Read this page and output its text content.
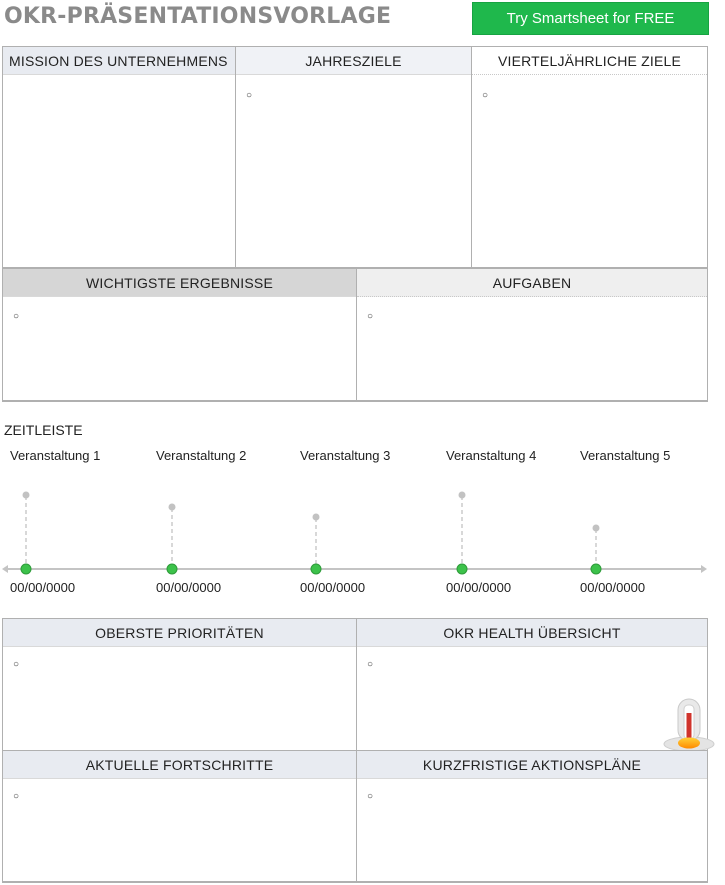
OKR-PRÄSENTATIONSVORLAGE	Try Smartsheet for FREE
MISSION DES UNTERNEHMENS	JAHRESZIELE
○
VIERTELJÄHRLICHE ZIELE
○
WICHTIGSTE ERGEBNISSE
○
AUFGABEN
○
ZEITLEISTE
Veranstaltung 1	Veranstaltung 2	Veranstaltung 3	Veranstaltung 4	Veranstaltung 5
00/00/0000	00/00/0000	00/00/0000	00/00/0000	00/00/0000
OBERSTE PRIORITÄTEN
○
OKR HEALTH ÜBERSICHT
○
AKTUELLE FORTSCHRITTE
○
KURZFRISTIGE AKTIONSPLÄNE
○
